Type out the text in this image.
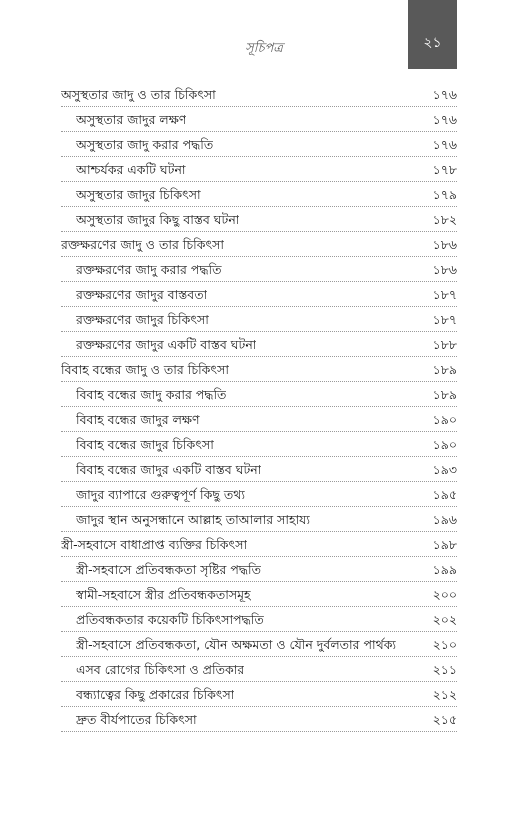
২১
সূচিপত্র
অসুস্থতার জাদু ও তার চিকিৎসা	১৭৬
অসুস্থতার জাদুর লক্ষণ	১৭৬
অসুস্থতার জাদু করার পদ্ধতি	১৭৬
আশ্চর্যকর একটি ঘটনা	১৭৮
অসুস্থতার জাদুর চিকিৎসা	১৭৯
অসুস্থতার জাদুর কিছু বাস্তব ঘটনা	১৮২
রক্তক্ষরণের জাদু ও তার চিকিৎসা	১৮৬
রক্তক্ষরণের জাদু করার পদ্ধতি	১৮৬
রক্তক্ষরণের জাদুর বাস্তবতা	১৮৭
রক্তক্ষরণের জাদুর চিকিৎসা	১৮৭
রক্তক্ষরণের জাদুর একটি বাস্তব ঘটনা	১৮৮
বিবাহ বন্ধের জাদু ও তার চিকিৎসা	১৮৯
বিবাহ বন্ধের জাদু করার পদ্ধতি	১৮৯
বিবাহ বন্ধের জাদুর লক্ষণ	১৯০
বিবাহ বন্ধের জাদুর চিকিৎসা	১৯০
বিবাহ বন্ধের জাদুর একটি বাস্তব ঘটনা	১৯৩
জাদুর ব্যাপারে গুরুত্বপূর্ণ কিছু তথ্য	১৯৫
জাদুর স্থান অনুসন্ধানে আল্লাহ তাআলার সাহায্য	১৯৬
স্ত্রী-সহবাসে বাধাপ্রাপ্ত ব্যক্তির চিকিৎসা	১৯৮
স্ত্রী-সহবাসে প্রতিবন্ধকতা সৃষ্টির পদ্ধতি	১৯৯
স্বামী-সহবাসে স্ত্রীর প্রতিবন্ধকতাসমূহ	২০০
প্রতিবন্ধকতার কয়েকটি চিকিৎসাপদ্ধতি	২০২
স্ত্রী-সহবাসে প্রতিবন্ধকতা, যৌন অক্ষমতা ও যৌন দুর্বলতার পার্থক্য	২১০
এসব রোগের চিকিৎসা ও প্রতিকার	২১১
বন্ধ্যাত্বের কিছু প্রকারের চিকিৎসা	২১২
দ্রুত বীর্যপাতের চিকিৎসা	২১৫
